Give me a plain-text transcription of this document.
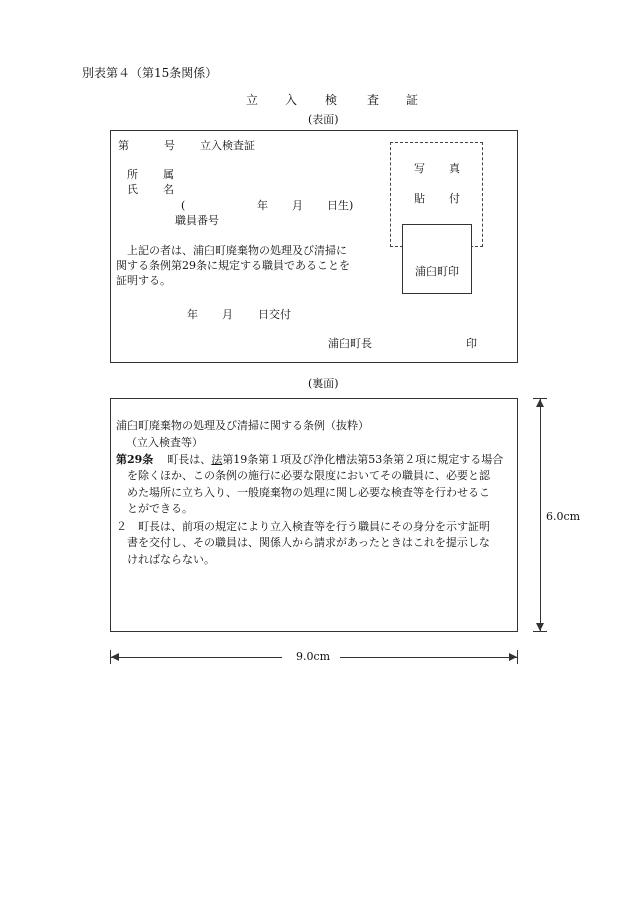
別表第４（第15条関係）
立 入 検 査 証
(表面)
第	号 立入検査証
所 属
氏 名
(	年 月 日生)
職員番号
上記の者は、浦臼町廃棄物の処理及び清掃に
関する条例第29条に規定する職員であることを
証明する。
年 月 日交付
浦臼町長	印
写 真
貼 付
浦臼町印
(裏面)
浦臼町廃棄物の処理及び清掃に関する条例（抜粋）
（立入検査等）
第29条 町長は、法第19条第１項及び浄化槽法第53条第２項に規定する場合
を除くほか、この条例の施行に必要な限度においてその職員に、必要と認
めた場所に立ち入り、一般廃棄物の処理に関し必要な検査等を行わせるこ
とができる。
２　町長は、前項の規定により立入検査等を行う職員にその身分を示す証明
書を交付し、その職員は、関係人から請求があったときはこれを提示しな
ければならない。
6.0cm
9.0cm
